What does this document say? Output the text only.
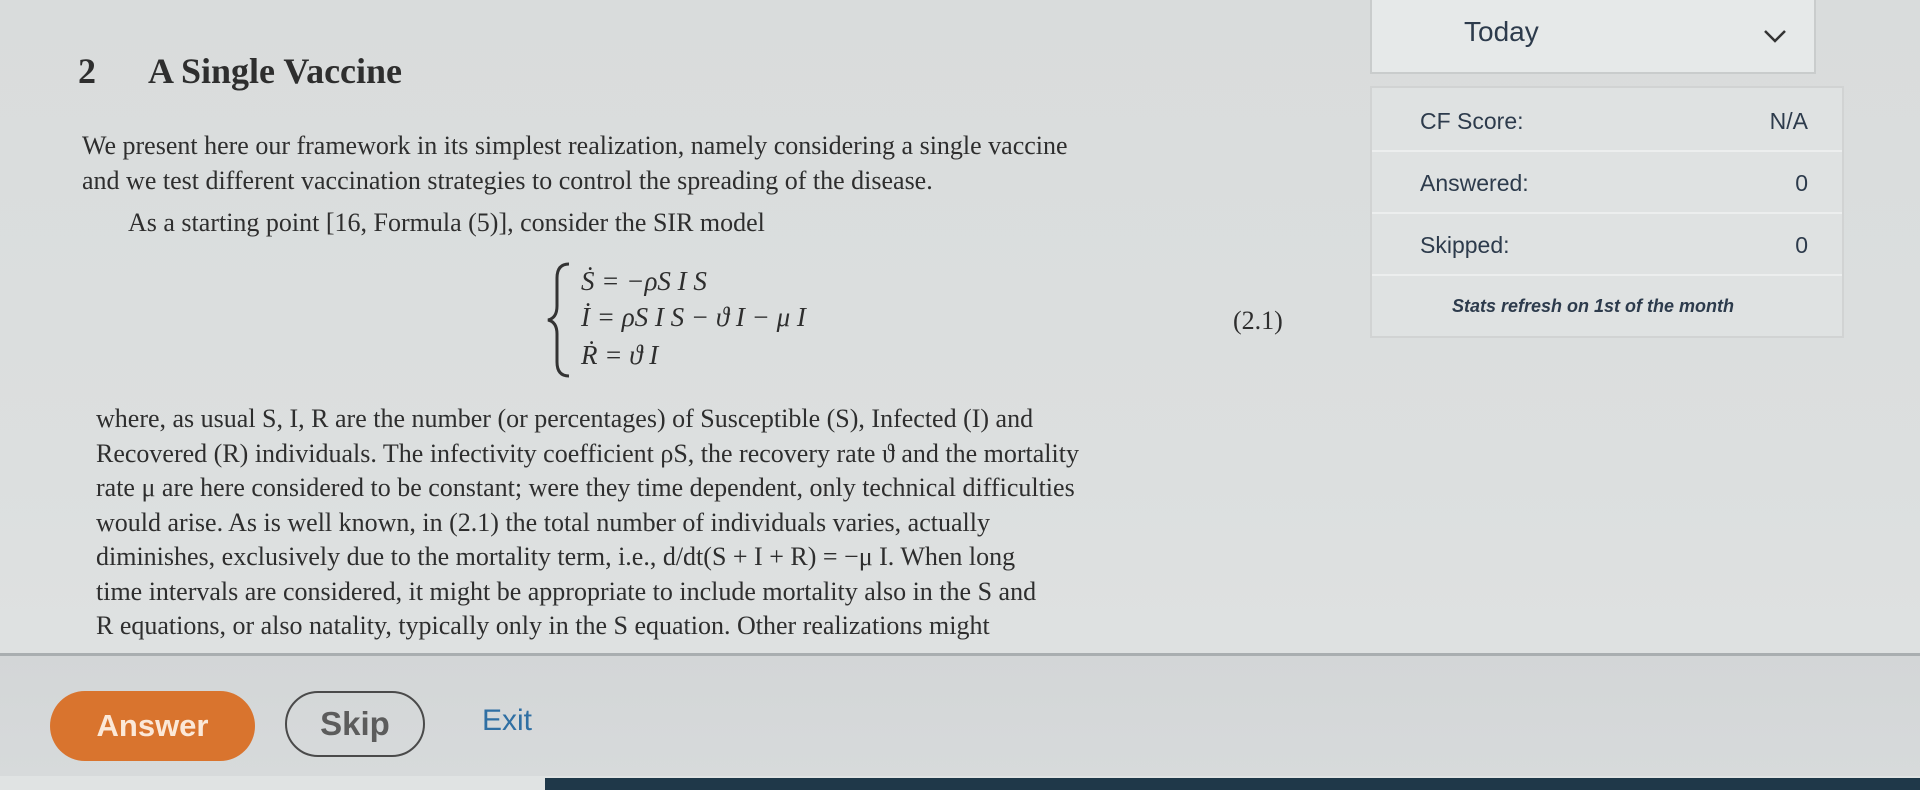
2 A Single Vaccine
We present here our framework in its simplest realization, namely considering a single vaccine
and we test different vaccination strategies to control the spreading of the disease.
As a starting point [16, Formula (5)], consider the SIR model
Ṡ = −ρS I S
İ = ρS I S − ϑ I − μ I
Ṙ = ϑ I
(2.1)
where, as usual S, I, R are the number (or percentages) of Susceptible (S), Infected (I) and
Recovered (R) individuals. The infectivity coefficient ρS, the recovery rate ϑ and the mortality
rate μ are here considered to be constant; were they time dependent, only technical difficulties
would arise. As is well known, in (2.1) the total number of individuals varies, actually
diminishes, exclusively due to the mortality term, i.e., d/dt(S + I + R) = −μ I. When long
time intervals are considered, it might be appropriate to include mortality also in the S and
R equations, or also natality, typically only in the S equation. Other realizations might
Today
CF Score:	N/A
Answered:	0
Skipped:	0
Stats refresh on 1st of the month
Answer	Skip	Exit
